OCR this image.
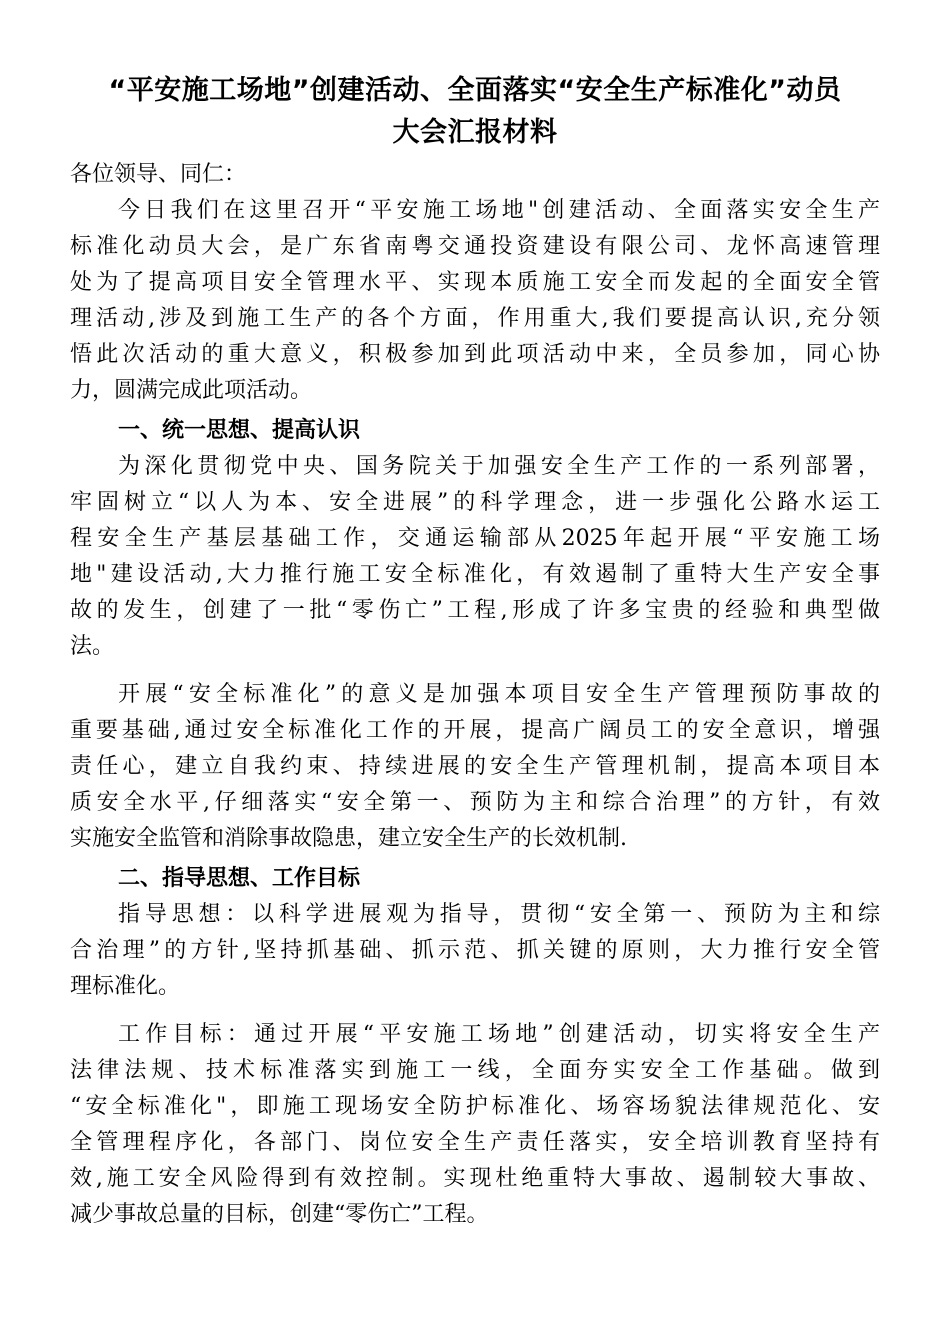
“平安施工场地”创建活动、全面落实“安全生产标准化”动员
大会汇报材料

各位领导、同仁：

今日我们在这里召开“平安施工场地"创建活动、全面落实安全生产
标准化动员大会，是广东省南粤交通投资建设有限公司、龙怀高速管理
处为了提高项目安全管理水平、实现本质施工安全而发起的全面安全管
理活动,涉及到施工生产的各个方面，作用重大,我们要提高认识,充分领
悟此次活动的重大意义，积极参加到此项活动中来，全员参加，同心协
力，圆满完成此项活动。

一、统一思想、提高认识

为深化贯彻党中央、国务院关于加强安全生产工作的一系列部署，
牢固树立“以人为本、安全进展”的科学理念，进一步强化公路水运工
程安全生产基层基础工作，交通运输部从2025年起开展“平安施工场
地"建设活动,大力推行施工安全标准化，有效遏制了重特大生产安全事
故的发生，创建了一批“零伤亡”工程,形成了许多宝贵的经验和典型做
法。

开展“安全标准化”的意义是加强本项目安全生产管理预防事故的
重要基础,通过安全标准化工作的开展，提高广阔员工的安全意识，增强
责任心，建立自我约束、持续进展的安全生产管理机制，提高本项目本
质安全水平,仔细落实“安全第一、预防为主和综合治理”的方针，有效
实施安全监管和消除事故隐患，建立安全生产的长效机制.

二、指导思想、工作目标

指导思想：以科学进展观为指导，贯彻“安全第一、预防为主和综
合治理”的方针,坚持抓基础、抓示范、抓关键的原则，大力推行安全管
理标准化。

工作目标：通过开展“平安施工场地”创建活动，切实将安全生产
法律法规、技术标准落实到施工一线，全面夯实安全工作基础。做到
“安全标准化"，即施工现场安全防护标准化、场容场貌法律规范化、安
全管理程序化，各部门、岗位安全生产责任落实，安全培训教育坚持有
效,施工安全风险得到有效控制。实现杜绝重特大事故、遏制较大事故、
减少事故总量的目标，创建“零伤亡”工程。
